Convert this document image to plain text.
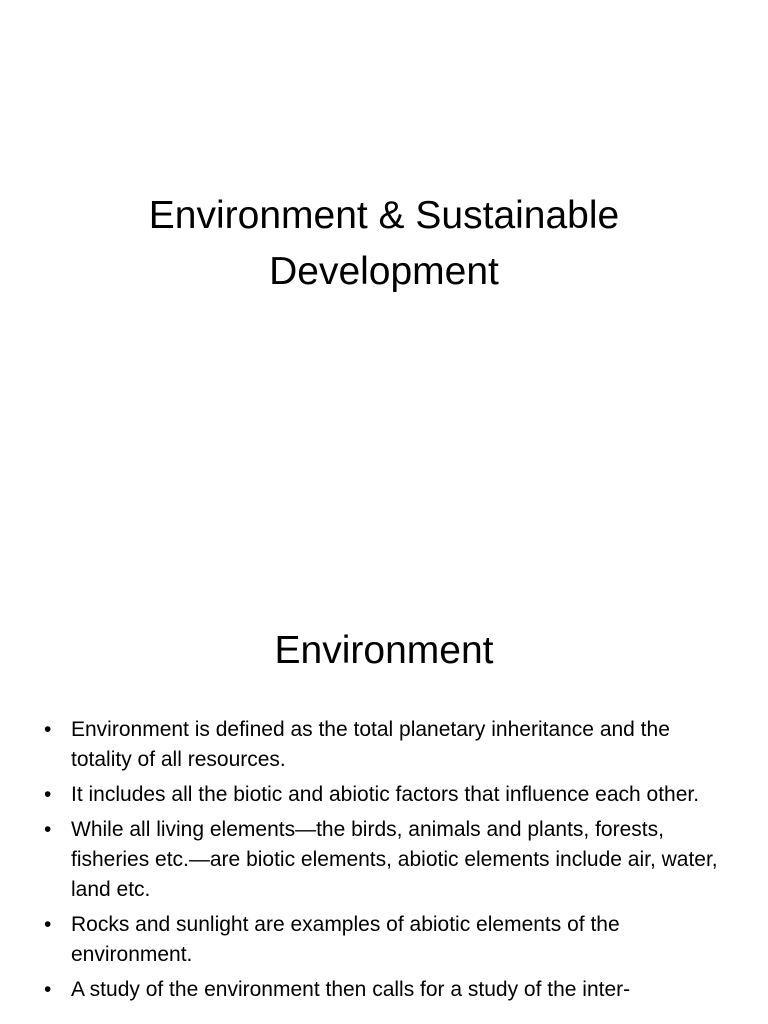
Environment & Sustainable
Development
Environment
• Environment is defined as the total planetary inheritance and the totality of all resources.
• It includes all the biotic and abiotic factors that influence each other.
• While all living elements—the birds, animals and plants, forests, fisheries etc.—are biotic elements, abiotic elements include air, water, land etc.
• Rocks and sunlight are examples of abiotic elements of the environment.
• A study of the environment then calls for a study of the inter-
